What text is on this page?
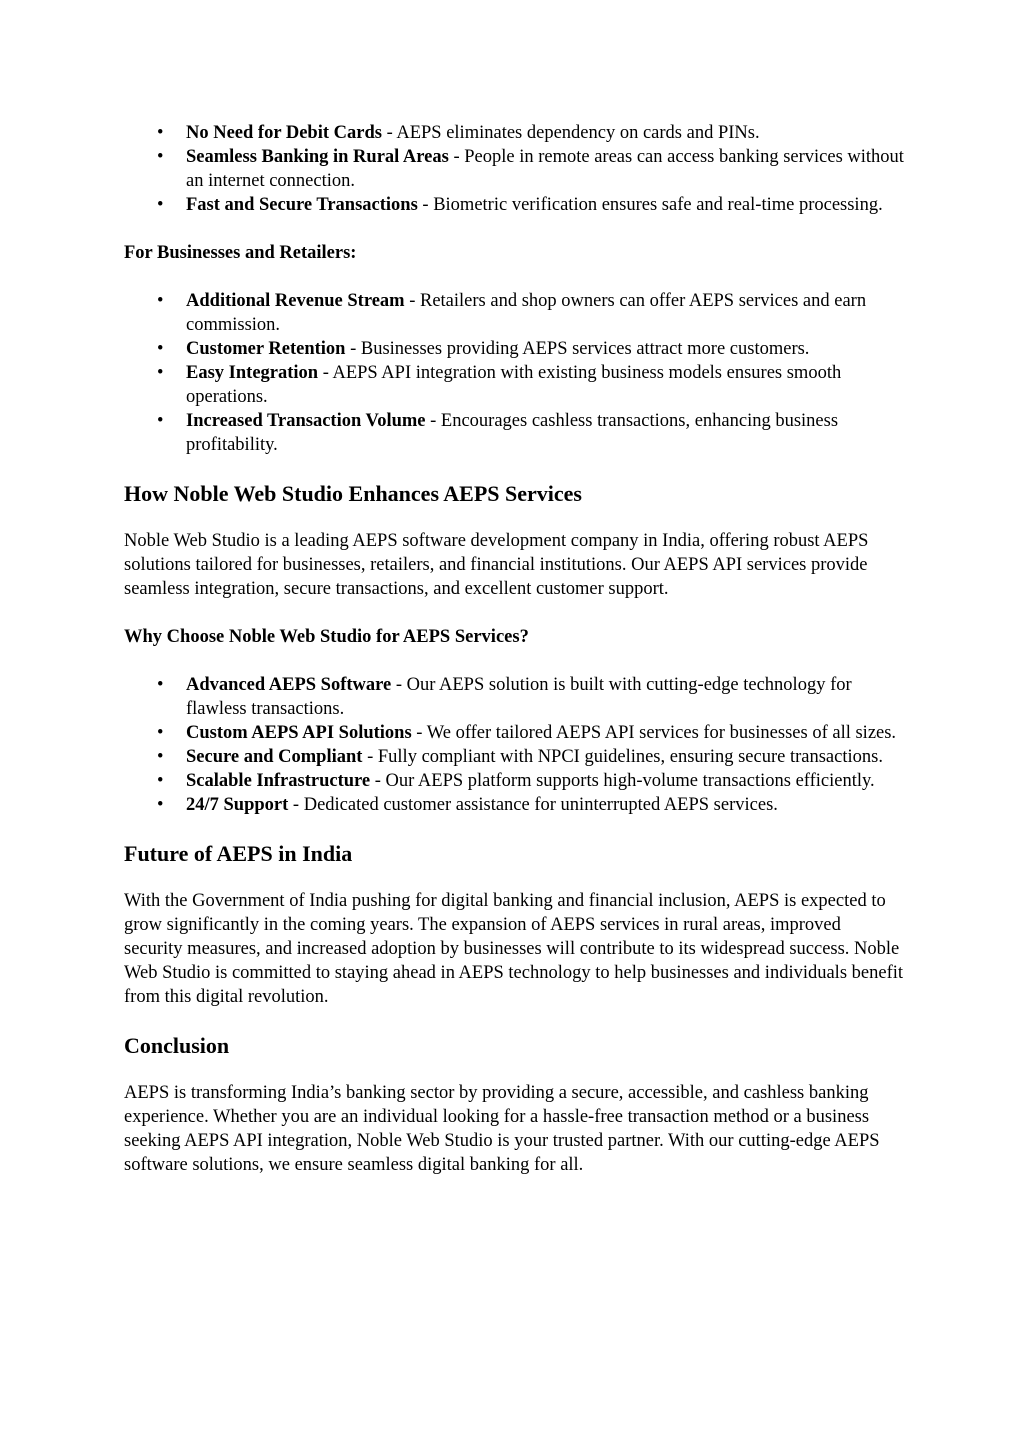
• No Need for Debit Cards - AEPS eliminates dependency on cards and PINs.
• Seamless Banking in Rural Areas - People in remote areas can access banking services without an internet connection.
• Fast and Secure Transactions - Biometric verification ensures safe and real-time processing.

For Businesses and Retailers:

• Additional Revenue Stream - Retailers and shop owners can offer AEPS services and earn commission.
• Customer Retention - Businesses providing AEPS services attract more customers.
• Easy Integration - AEPS API integration with existing business models ensures smooth operations.
• Increased Transaction Volume - Encourages cashless transactions, enhancing business profitability.
How Noble Web Studio Enhances AEPS Services

Noble Web Studio is a leading AEPS software development company in India, offering robust AEPS solutions tailored for businesses, retailers, and financial institutions. Our AEPS API services provide seamless integration, secure transactions, and excellent customer support.

Why Choose Noble Web Studio for AEPS Services?

• Advanced AEPS Software - Our AEPS solution is built with cutting-edge technology for flawless transactions.
• Custom AEPS API Solutions - We offer tailored AEPS API services for businesses of all sizes.
• Secure and Compliant - Fully compliant with NPCI guidelines, ensuring secure transactions.
• Scalable Infrastructure - Our AEPS platform supports high-volume transactions efficiently.
• 24/7 Support - Dedicated customer assistance for uninterrupted AEPS services.
Future of AEPS in India

With the Government of India pushing for digital banking and financial inclusion, AEPS is expected to grow significantly in the coming years. The expansion of AEPS services in rural areas, improved security measures, and increased adoption by businesses will contribute to its widespread success. Noble Web Studio is committed to staying ahead in AEPS technology to help businesses and individuals benefit from this digital revolution.

Conclusion

AEPS is transforming India’s banking sector by providing a secure, accessible, and cashless banking experience. Whether you are an individual looking for a hassle-free transaction method or a business seeking AEPS API integration, Noble Web Studio is your trusted partner. With our cutting-edge AEPS software solutions, we ensure seamless digital banking for all.
